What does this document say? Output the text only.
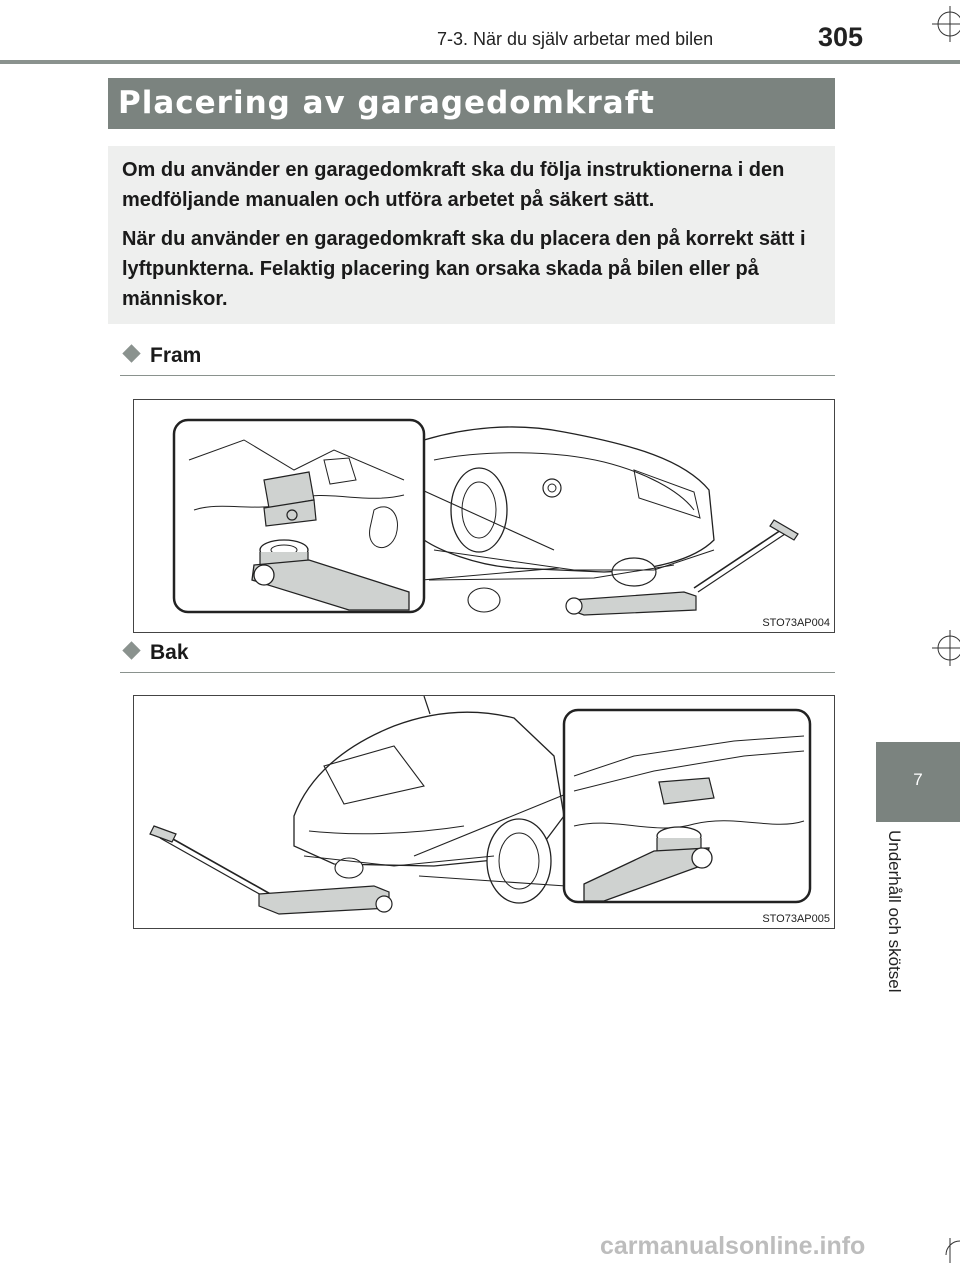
7-3. När du själv arbetar med bilen	305
Placering av garagedomkraft
Om du använder en garagedomkraft ska du följa instruktionerna i den medföljande manualen och utföra arbetet på säkert sätt.
När du använder en garagedomkraft ska du placera den på korrekt sätt i lyftpunkterna. Felaktig placering kan orsaka skada på bilen eller på människor.
Fram
STO73AP004
Bak
STO73AP005
7
Underhåll och skötsel
carmanualsonline.info
